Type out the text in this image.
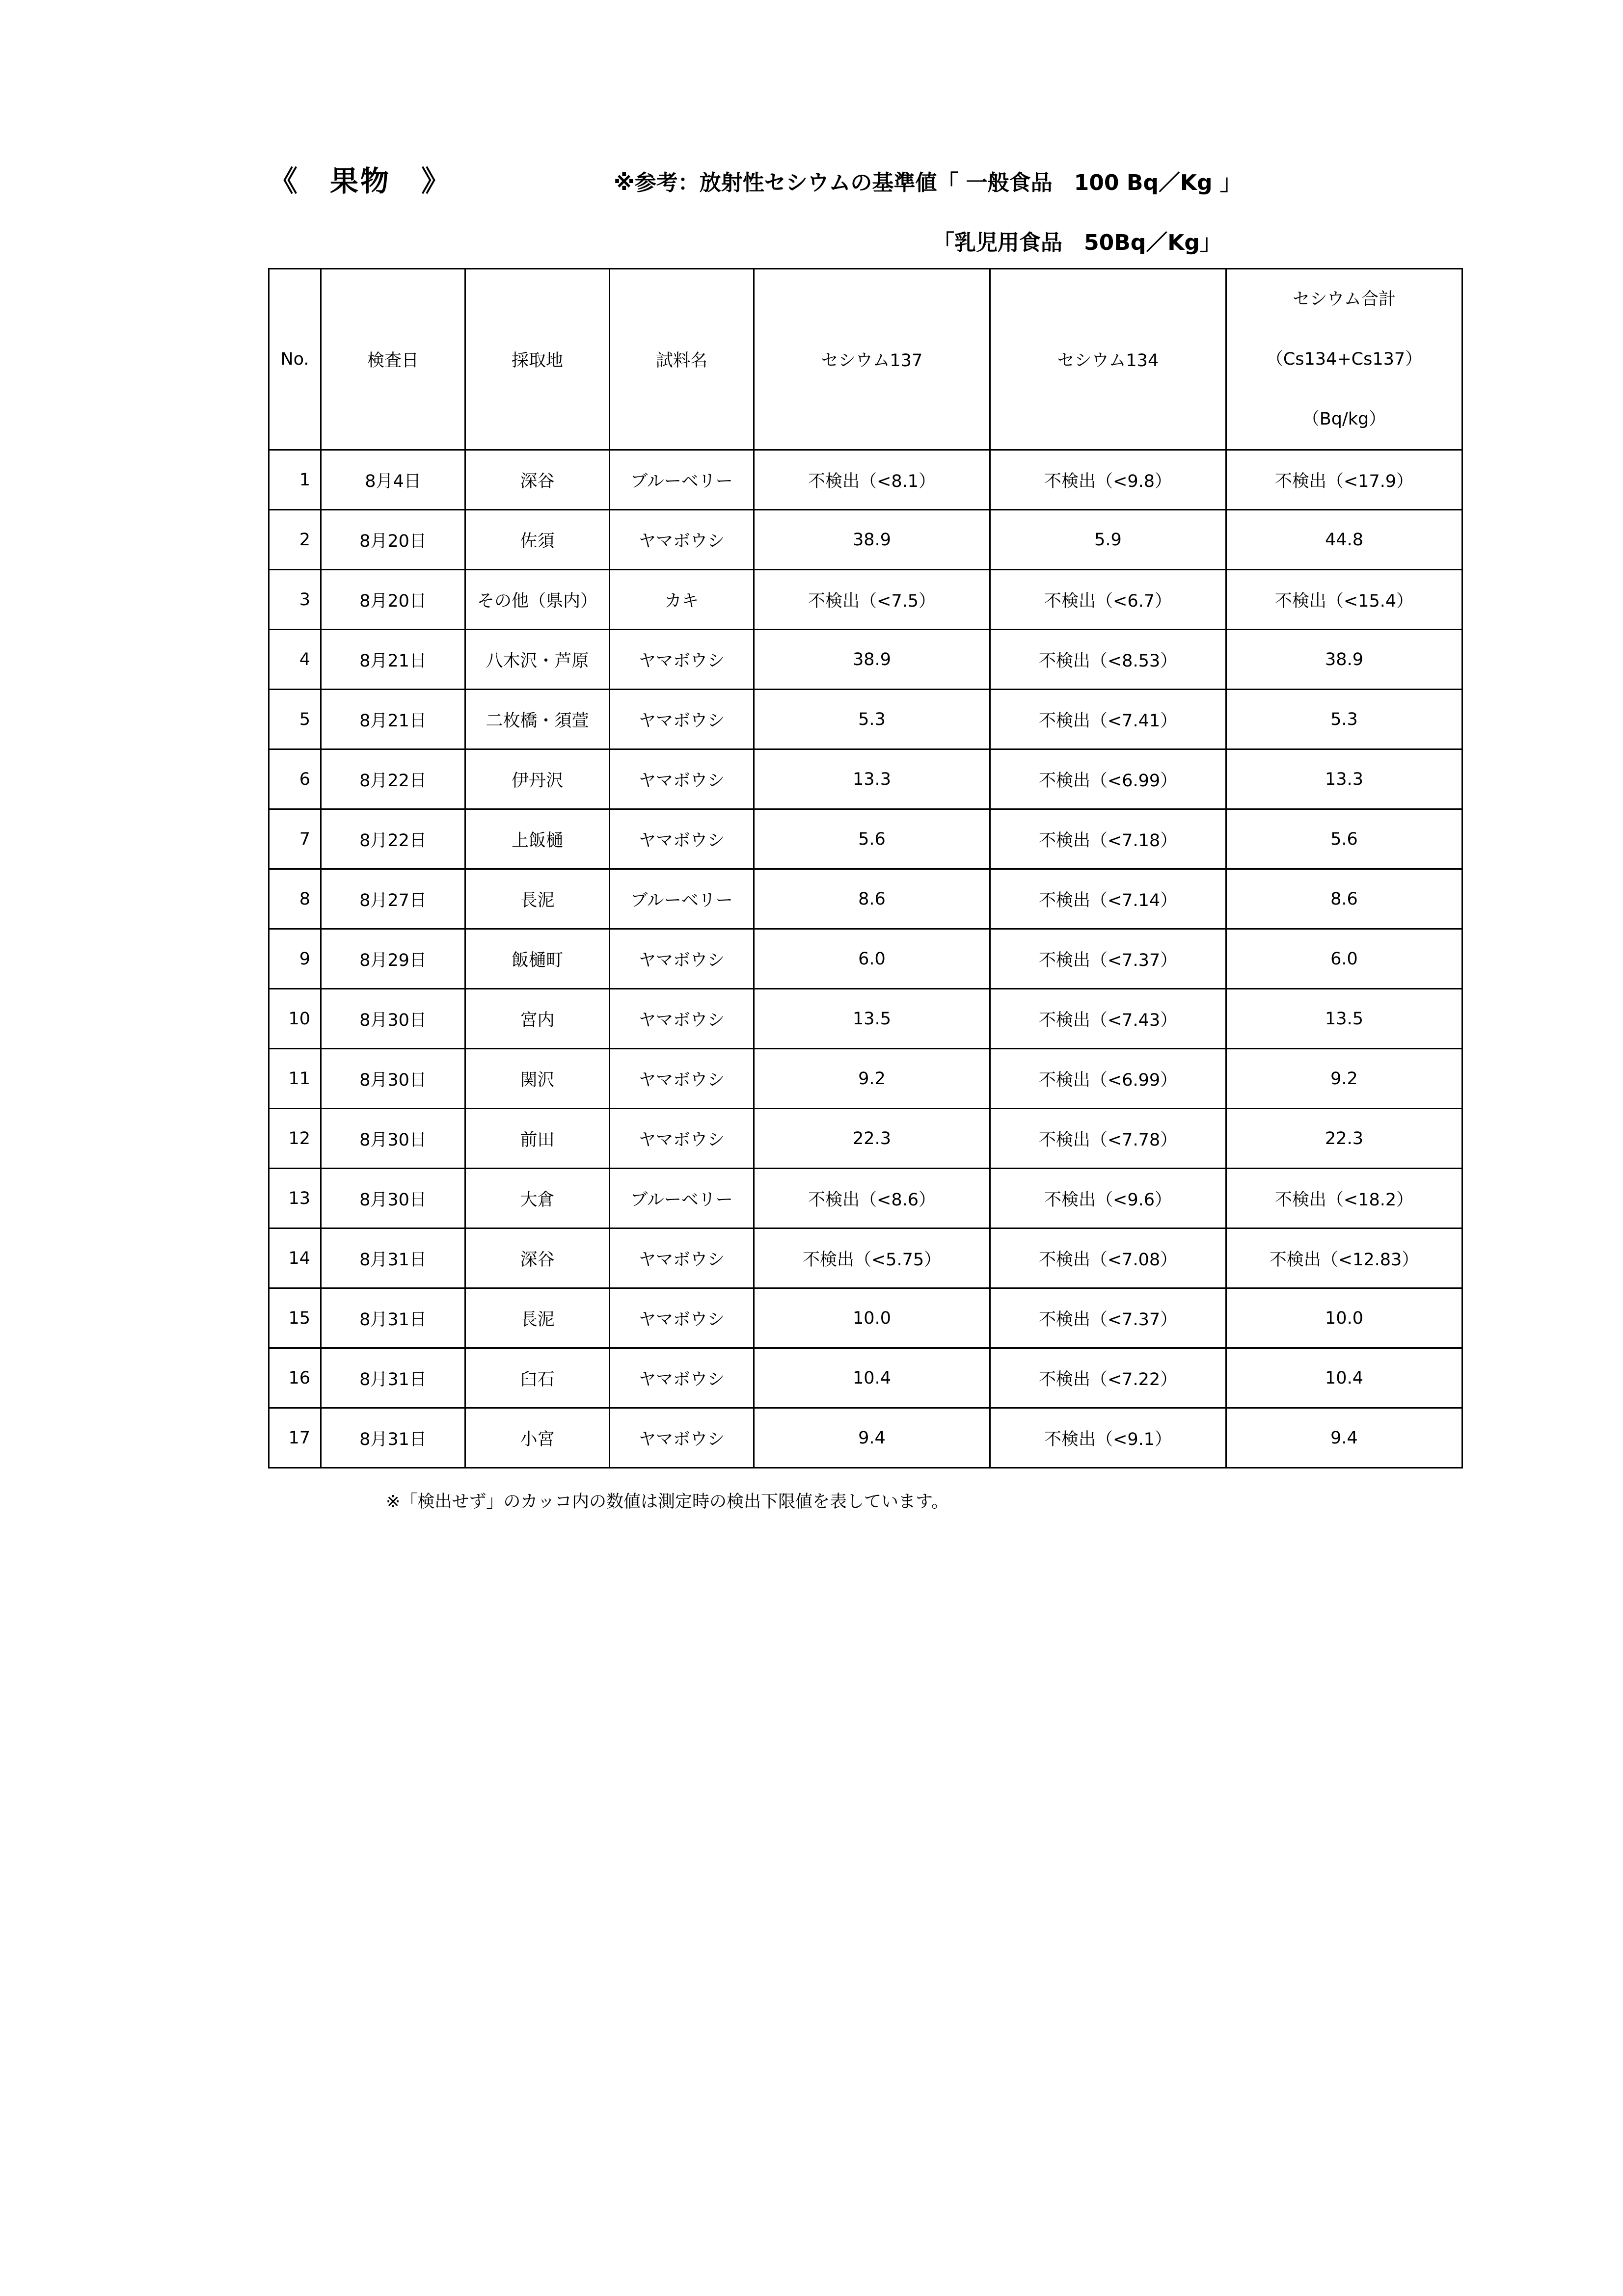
《　果物　》	※参考：放射性セシウムの基準値「 一般食品　100 Bq／Kg 」
「乳児用食品　50Bq／Kg」
No.	検査日	採取地	試料名	セシウム137	セシウム134	セシウム合計
（Cs134+Cs137）
（Bq/kg）

1	8月4日	深谷	ブルーベリー	不検出（<8.1）	不検出（<9.8）	不検出（<17.9）
2	8月20日	佐須	ヤマボウシ	38.9	5.9	44.8
3	8月20日	その他（県内）	カキ	不検出（<7.5）	不検出（<6.7）	不検出（<15.4）
4	8月21日	八木沢・芦原	ヤマボウシ	38.9	不検出（<8.53）	38.9
5	8月21日	二枚橋・須萱	ヤマボウシ	5.3	不検出（<7.41）	5.3
6	8月22日	伊丹沢	ヤマボウシ	13.3	不検出（<6.99）	13.3
7	8月22日	上飯樋	ヤマボウシ	5.6	不検出（<7.18）	5.6
8	8月27日	長泥	ブルーベリー	8.6	不検出（<7.14）	8.6
9	8月29日	飯樋町	ヤマボウシ	6.0	不検出（<7.37）	6.0
10	8月30日	宮内	ヤマボウシ	13.5	不検出（<7.43）	13.5
11	8月30日	関沢	ヤマボウシ	9.2	不検出（<6.99）	9.2
12	8月30日	前田	ヤマボウシ	22.3	不検出（<7.78）	22.3
13	8月30日	大倉	ブルーベリー	不検出（<8.6）	不検出（<9.6）	不検出（<18.2）
14	8月31日	深谷	ヤマボウシ	不検出（<5.75）	不検出（<7.08）	不検出（<12.83）
15	8月31日	長泥	ヤマボウシ	10.0	不検出（<7.37）	10.0
16	8月31日	臼石	ヤマボウシ	10.4	不検出（<7.22）	10.4
17	8月31日	小宮	ヤマボウシ	9.4	不検出（<9.1）	9.4
※「検出せず」のカッコ内の数値は測定時の検出下限値を表しています。
